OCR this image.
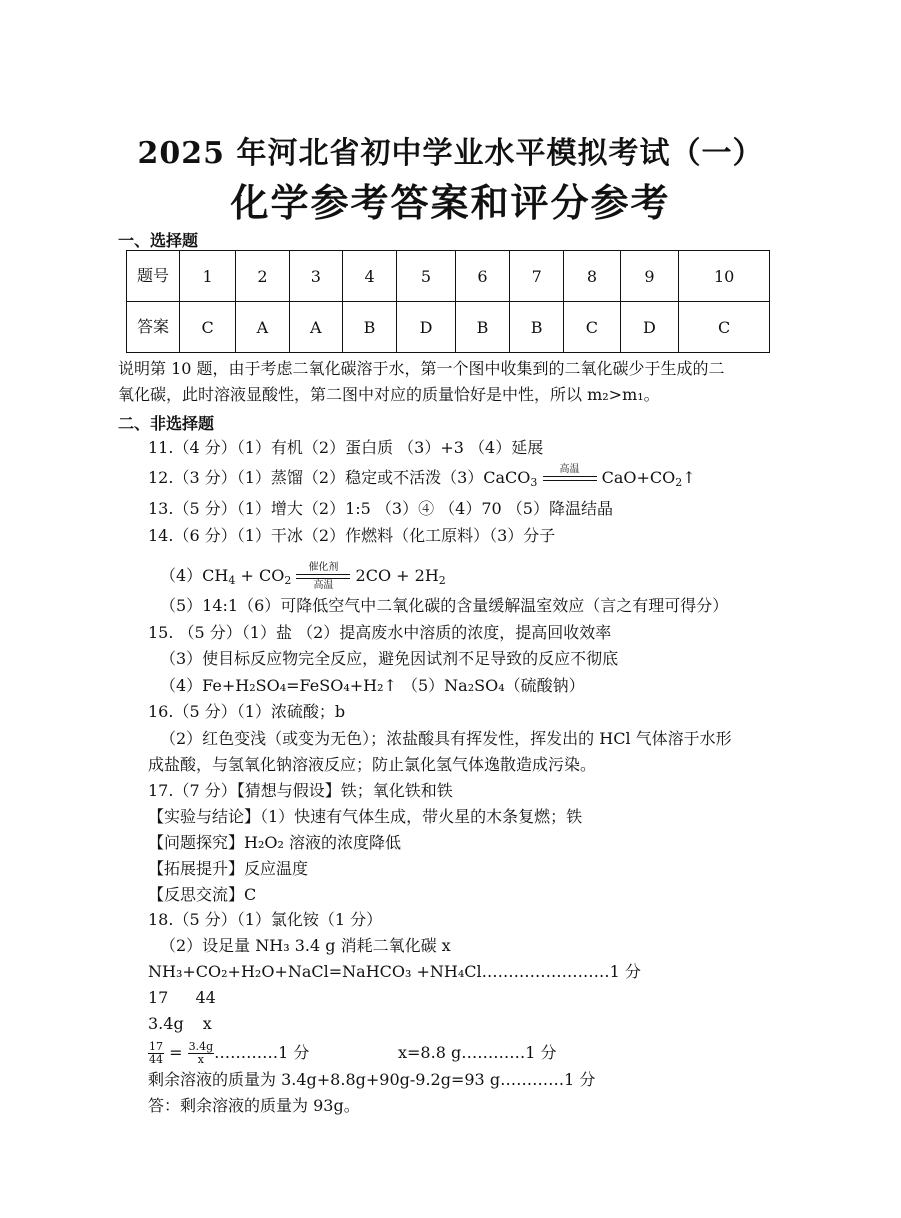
2025 年河北省初中学业水平模拟考试（一）
化学参考答案和评分参考
一、选择题
题号	1	2	3	4	5	6	7	8	9	10
答案	C	A	A	B	D	B	B	C	D	C
说明第 10 题，由于考虑二氧化碳溶于水，第一个图中收集到的二氧化碳少于生成的二
氧化碳，此时溶液显酸性，第二图中对应的质量恰好是中性，所以 m₂>m₁。
二、非选择题
11.（4 分）（1）有机（2）蛋白质 （3）+3 （4）延展
12.（3 分）（1）蒸馏（2）稳定或不活泼（3）CaCO$_3$
高温
	$CaO+CO_2↑$
13.（5 分）（1）增大（2）1:5 （3）④ （4）70 （5）降温结晶
14.（6 分）（1）干冰（2）作燃料（化工原料）（3）分子
$(4)CH_4 + CO_2$
催化剂
高温
$2CO + 2H_2$
（5）14:1（6）可降低空气中二氧化碳的含量缓解温室效应（言之有理可得分）
15. （5 分）（1）盐 （2）提高废水中溶质的浓度，提高回收效率
（3）使目标反应物完全反应，避免因试剂不足导致的反应不彻底
（4）Fe+H₂SO₄=FeSO₄+H₂↑ （5）Na₂SO₄（硫酸钠）
16.（5 分）（1）浓硫酸；b
（2）红色变浅（或变为无色）；浓盐酸具有挥发性，挥发出的 HCl 气体溶于水形
成盐酸，与氢氧化钠溶液反应；防止氯化氢气体逸散造成污染。
17.（7 分）【猜想与假设】铁；氧化铁和铁
【实验与结论】（1）快速有气体生成，带火星的木条复燃；铁
【问题探究】H₂O₂ 溶液的浓度降低
【拓展提升】反应温度
【反思交流】C
18.（5 分）（1）氯化铵（1 分）
（2）设足量 NH₃ 3.4 g 消耗二氧化碳 x
NH₃+CO₂+H₂O+NaCl=NaHCO₃ +NH₄Cl……………………1 分
17 44
3.4g x
$\frac{17}{44} = \frac{3.4g}{x}$ …………1 分	x=8.8 g…………1 分
剩余溶液的质量为 3.4g+8.8g+90g-9.2g=93 g…………1 分
答：剩余溶液的质量为 93g。
